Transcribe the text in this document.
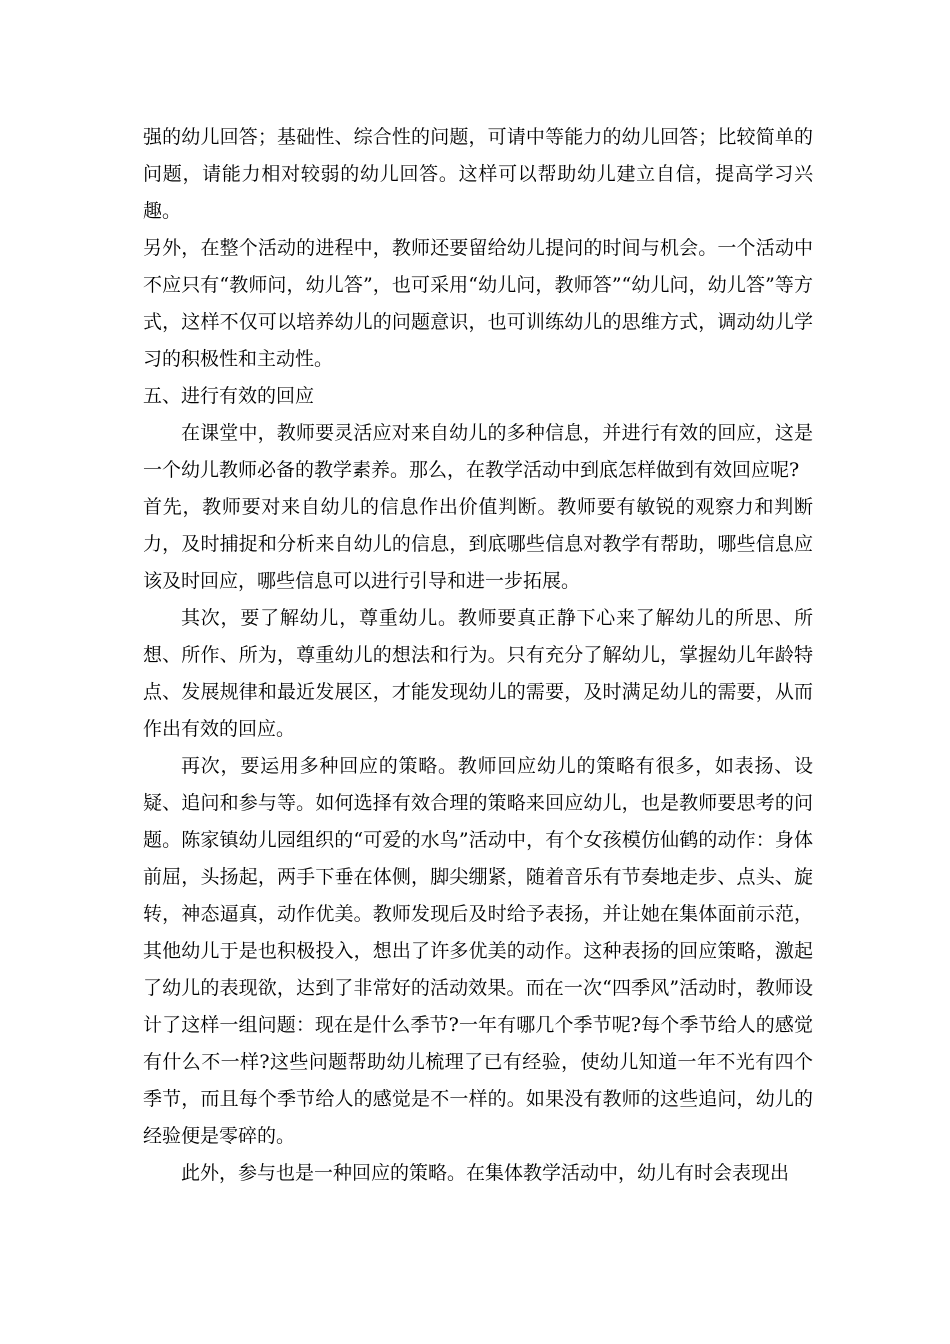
强的幼儿回答；基础性、综合性的问题，可请中等能力的幼儿回答；比较简单的问题，请能力相对较弱的幼儿回答。这样可以帮助幼儿建立自信，提高学习兴趣。

另外，在整个活动的进程中，教师还要留给幼儿提问的时间与机会。一个活动中不应只有“教师问，幼儿答”，也可采用“幼儿问，教师答”“幼儿问，幼儿答”等方式，这样不仅可以培养幼儿的问题意识，也可训练幼儿的思维方式，调动幼儿学习的积极性和主动性。

五、进行有效的回应

在课堂中，教师要灵活应对来自幼儿的多种信息，并进行有效的回应，这是一个幼儿教师必备的教学素养。那么，在教学活动中到底怎样做到有效回应呢?

首先，教师要对来自幼儿的信息作出价值判断。教师要有敏锐的观察力和判断力，及时捕捉和分析来自幼儿的信息，到底哪些信息对教学有帮助，哪些信息应该及时回应，哪些信息可以进行引导和进一步拓展。

其次，要了解幼儿，尊重幼儿。教师要真正静下心来了解幼儿的所思、所想、所作、所为，尊重幼儿的想法和行为。只有充分了解幼儿，掌握幼儿年龄特点、发展规律和最近发展区，才能发现幼儿的需要，及时满足幼儿的需要，从而作出有效的回应。

再次，要运用多种回应的策略。教师回应幼儿的策略有很多，如表扬、设疑、追问和参与等。如何选择有效合理的策略来回应幼儿，也是教师要思考的问题。陈家镇幼儿园组织的“可爱的水鸟”活动中，有个女孩模仿仙鹤的动作：身体前屈，头扬起，两手下垂在体侧，脚尖绷紧，随着音乐有节奏地走步、点头、旋转，神态逼真，动作优美。教师发现后及时给予表扬，并让她在集体面前示范，其他幼儿于是也积极投入，想出了许多优美的动作。这种表扬的回应策略，激起了幼儿的表现欲，达到了非常好的活动效果。而在一次“四季风”活动时，教师设计了这样一组问题：现在是什么季节?一年有哪几个季节呢?每个季节给人的感觉有什么不一样?这些问题帮助幼儿梳理了已有经验，使幼儿知道一年不光有四个季节，而且每个季节给人的感觉是不一样的。如果没有教师的这些追问，幼儿的经验便是零碎的。

此外，参与也是一种回应的策略。在集体教学活动中，幼儿有时会表现出
